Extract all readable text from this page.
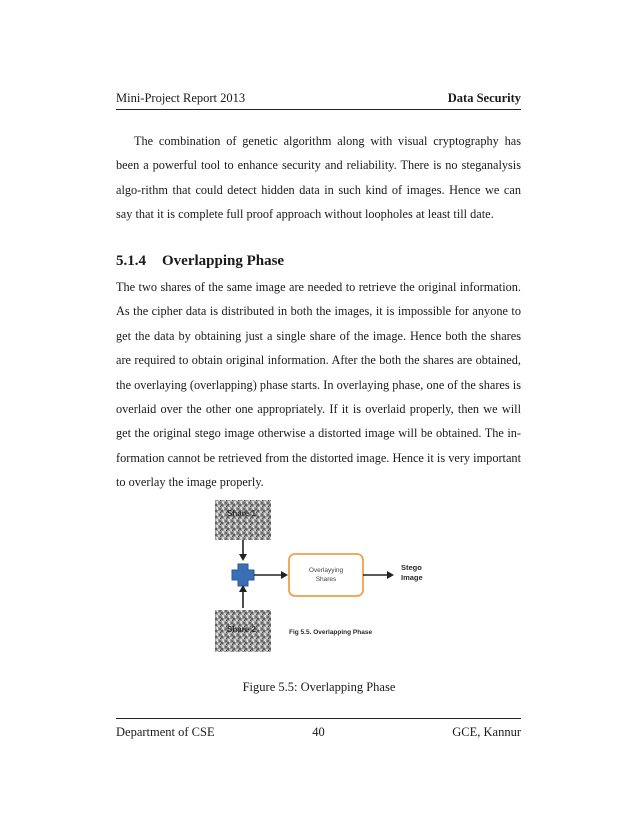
Mini-Project Report 2013	Data Security

The combination of genetic algorithm along with visual cryptography has been a powerful tool to enhance security and reliability. There is no steganalysis algo-rithm that could detect hidden data in such kind of images. Hence we can say that it is complete full proof approach without loopholes at least till date.

5.1.4 Overlapping Phase

The two shares of the same image are needed to retrieve the original information. As the cipher data is distributed in both the images, it is impossible for anyone to get the data by obtaining just a single share of the image. Hence both the shares are required to obtain original information. After the both the shares are obtained, the overlaying (overlapping) phase starts. In overlaying phase, one of the shares is overlaid over the other one appropriately. If it is overlaid properly, then we will get the original stego image otherwise a distorted image will be obtained. The in-formation cannot be retrieved from the distorted image. Hence it is very important to overlay the image properly.

Share 1
Share 2
Overlayying
Shares
Stego
Image
Fig 5.5. Overlapping Phase
Figure 5.5: Overlapping Phase
Department of CSE	40	GCE, Kannur
